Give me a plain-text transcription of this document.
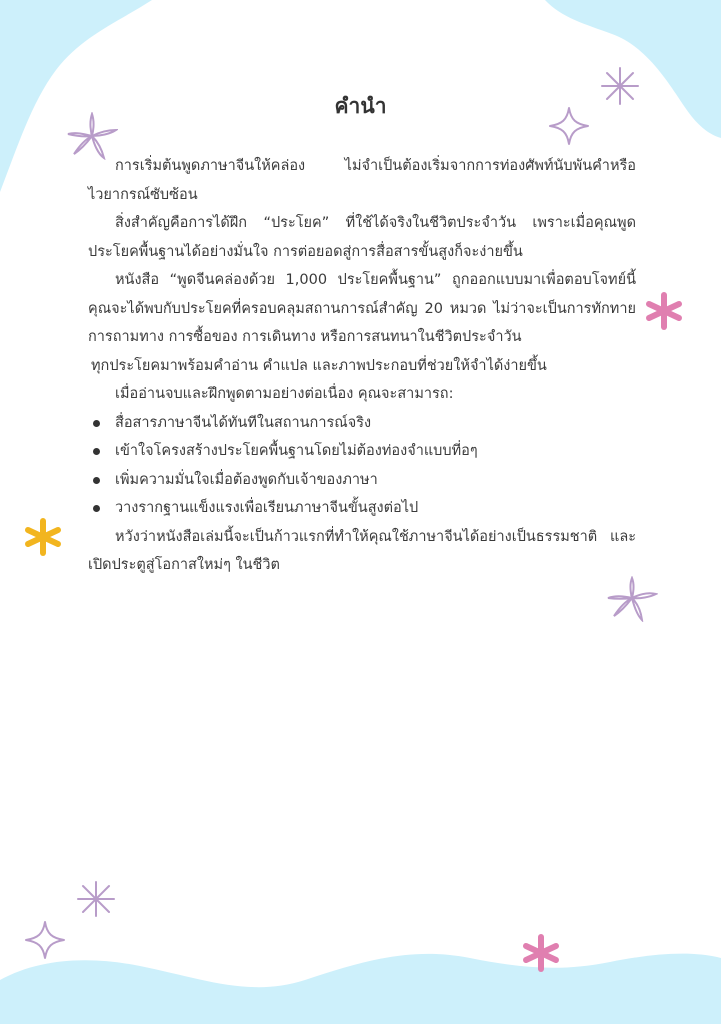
คำนำ

การเริ่มต้นพูดภาษาจีนให้คล่อง ไม่จำเป็นต้องเริ่มจากการท่องศัพท์นับพันคำหรือไวยากรณ์ซับซ้อน

สิ่งสำคัญคือการได้ฝึก “ประโยค” ที่ใช้ได้จริงในชีวิตประจำวัน เพราะเมื่อคุณพูดประโยคพื้นฐานได้อย่างมั่นใจ การต่อยอดสู่การสื่อสารขั้นสูงก็จะง่ายขึ้น

หนังสือ “พูดจีนคล่องด้วย 1,000 ประโยคพื้นฐาน” ถูกออกแบบมาเพื่อตอบโจทย์นี้ คุณจะได้พบกับประโยคที่ครอบคลุมสถานการณ์สำคัญ 20 หมวด ไม่ว่าจะเป็นการทักทาย การถามทาง การซื้อของ การเดินทาง หรือการสนทนาในชีวิตประจำวัน

ทุกประโยคมาพร้อมคำอ่าน คำแปล และภาพประกอบที่ช่วยให้จำได้ง่ายขึ้น

เมื่ออ่านจบและฝึกพูดตามอย่างต่อเนื่อง คุณจะสามารถ:

สื่อสารภาษาจีนได้ทันทีในสถานการณ์จริง
เข้าใจโครงสร้างประโยคพื้นฐานโดยไม่ต้องท่องจำแบบที่อๆ
เพิ่มความมั่นใจเมื่อต้องพูดกับเจ้าของภาษา
วางรากฐานแข็งแรงเพื่อเรียนภาษาจีนขั้นสูงต่อไป

หวังว่าหนังสือเล่มนี้จะเป็นก้าวแรกที่ทำให้คุณใช้ภาษาจีนได้อย่างเป็นธรรมชาติ และเปิดประตูสู่โอกาสใหม่ๆ ในชีวิต
